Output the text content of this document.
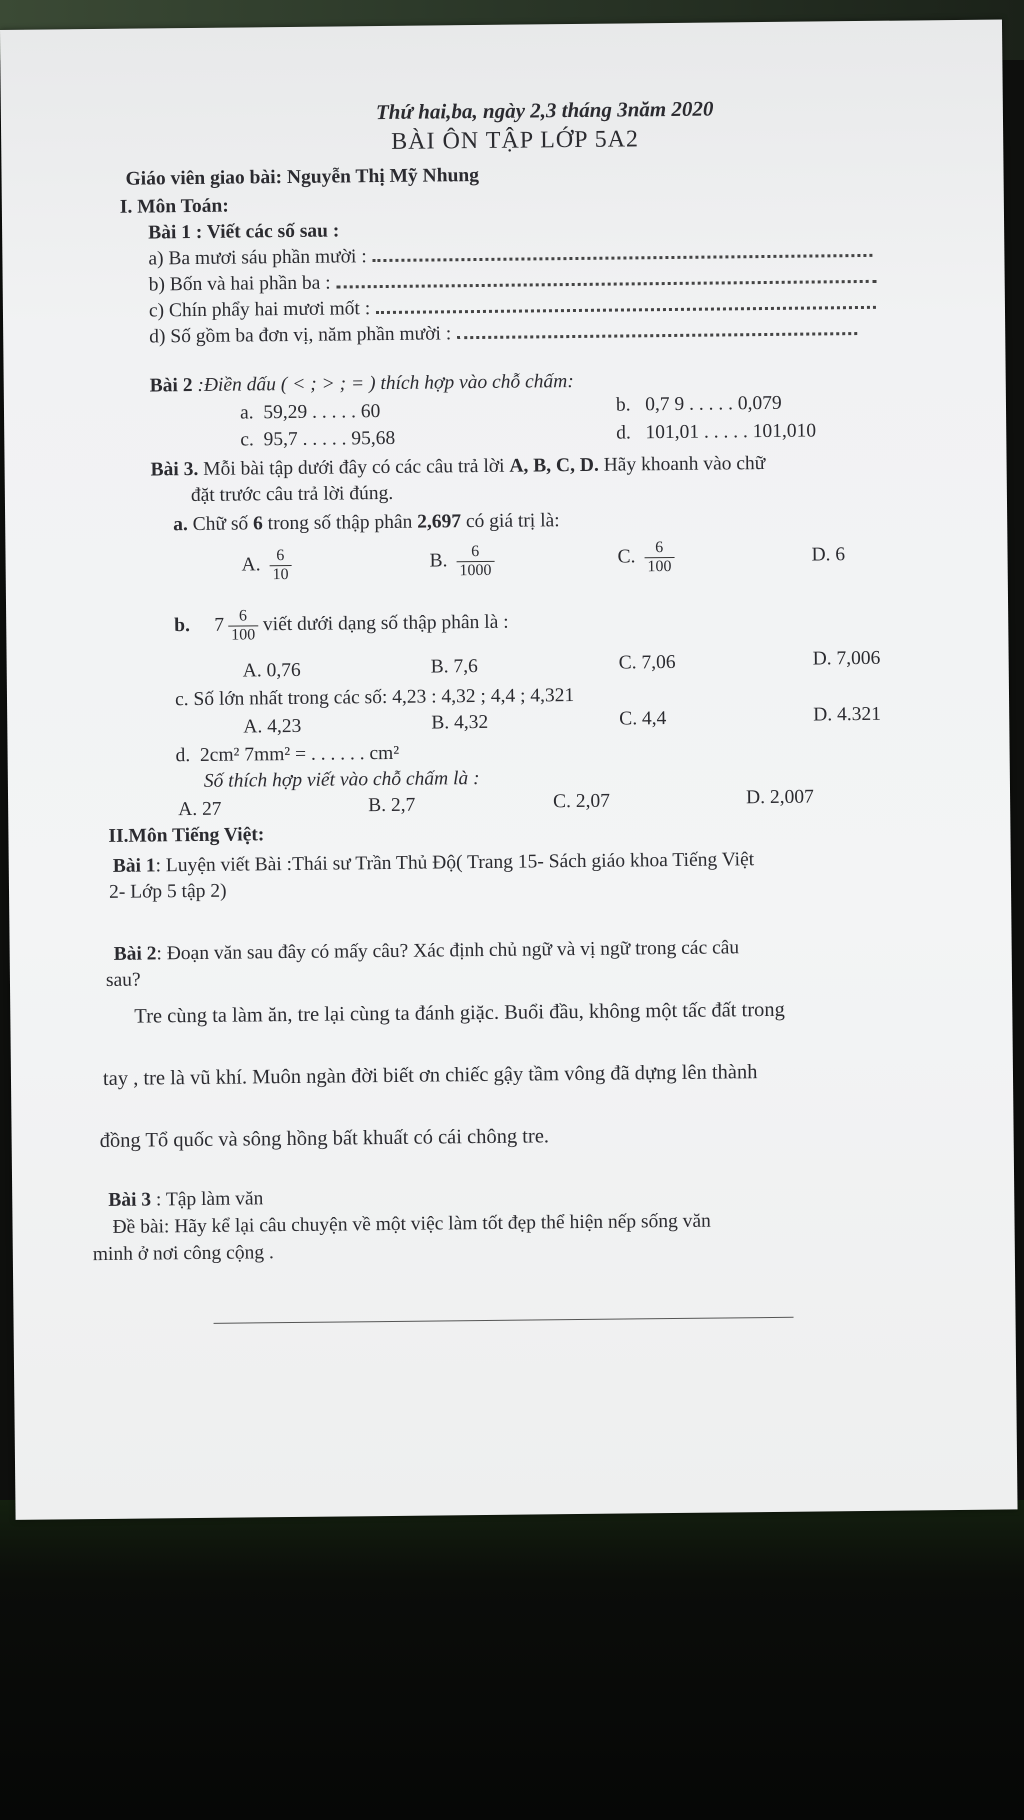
Thứ hai,ba, ngày 2,3 tháng 3năm 2020
BÀI ÔN TẬP LỚP 5A2
Giáo viên giao bài: Nguyễn Thị Mỹ Nhung
I. Môn Toán:
Bài 1 : Viết các số sau :
a) Ba mươi sáu phần mười :
b) Bốn và hai phần ba :
c) Chín phẩy hai mươi mốt :
d) Số gồm ba đơn vị, năm phần mười :
Bài 2 :Điền dấu ( < ; > ; = ) thích hợp vào chỗ chấm:
a. 59,29 . . . . . 60	b. 0,7 9 . . . . . 0,079
c. 95,7 . . . . . 95,68	d. 101,01 . . . . . 101,010
Bài 3. Mỗi bài tập dưới đây có các câu trả lời A, B, C, D. Hãy khoanh vào chữ
đặt trước câu trả lời đúng.
a. Chữ số 6 trong số thập phân 2,697 có giá trị là:
A. $\frac{6}{10}$	B. $\frac{6}{1000}$	C. $\frac{6}{100}$	D. 6
b. $7 \frac{6}{100}$ viết dưới dạng số thập phân là :
A. 0,76	B. 7,6	C. 7,06	D. 7,006
c. Số lớn nhất trong các số: 4,23 : 4,32 ; 4,4 ; 4,321
A. 4,23	B. 4,32	C. 4,4	D. 4.321
d. 2cm² 7mm² = . . . . . . cm²
Số thích hợp viết vào chỗ chấm là :
A. 27	B. 2,7	C. 2,07	D. 2,007
II.Môn Tiếng Việt:
Bài 1: Luyện viết Bài :Thái sư Trần Thủ Độ( Trang 15- Sách giáo khoa Tiếng Việt
2- Lớp 5 tập 2)
Bài 2: Đoạn văn sau đây có mấy câu? Xác định chủ ngữ và vị ngữ trong các câu
sau?
Tre cùng ta làm ăn, tre lại cùng ta đánh giặc. Buổi đầu, không một tấc đất trong
tay , tre là vũ khí. Muôn ngàn đời biết ơn chiếc gậy tầm vông đã dựng lên thành
đồng Tổ quốc và sông hồng bất khuất có cái chông tre.
Bài 3 : Tập làm văn
Đề bài: Hãy kể lại câu chuyện về một việc làm tốt đẹp thể hiện nếp sống văn
minh ở nơi công cộng .
